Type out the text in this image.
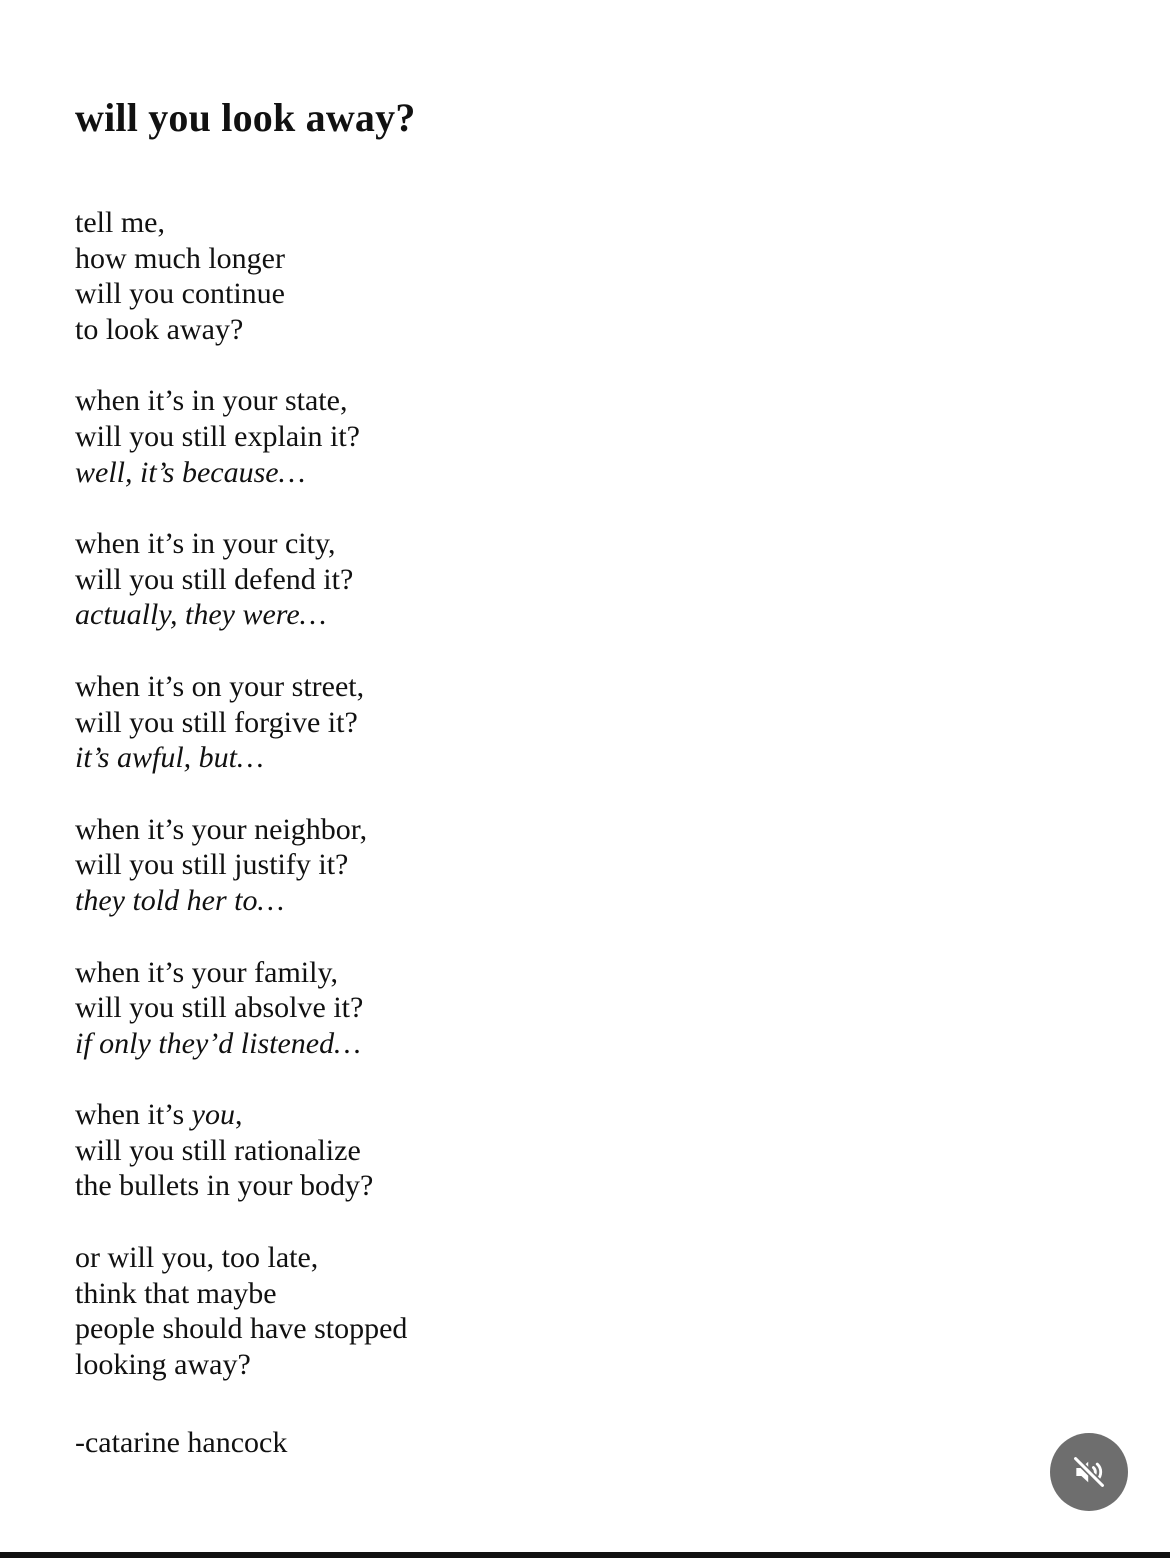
will you look away?

tell me,
how much longer
will you continue
to look away?

when it’s in your state,
will you still explain it?
well, it’s because…

when it’s in your city,
will you still defend it?
actually, they were…

when it’s on your street,
will you still forgive it?
it’s awful, but…

when it’s your neighbor,
will you still justify it?
they told her to…

when it’s your family,
will you still absolve it?
if only they’d listened…

when it’s you,
will you still rationalize
the bullets in your body?

or will you, too late,
think that maybe
people should have stopped
looking away?

-catarine hancock
